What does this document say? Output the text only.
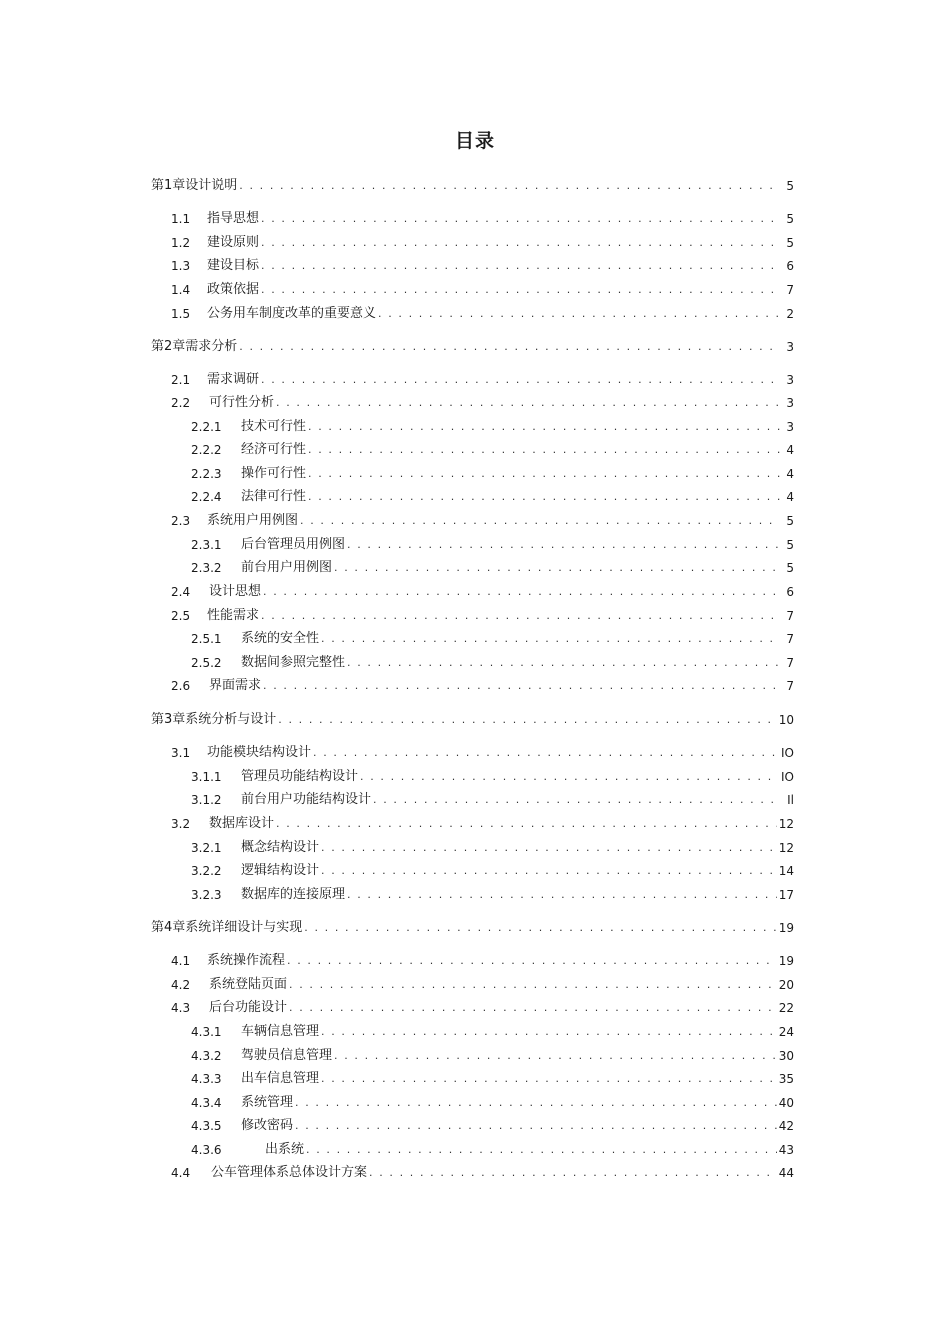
目录
第1章设计说明 . . .	5
1.1	指导思想 . . .	5
1.2	建设原则 . . .	5
1.3	建设目标 . . .	6
1.4	政策依据 . . .	7
1.5	公务用车制度改革的重要意义 . . .	2
第2章需求分析 . . .	3
2.1	需求调研 . . .	3
2.2	可行性分析 . . .	3
2.2.1	技术可行性 . . .	3
2.2.2	经济可行性 . . .	4
2.2.3	操作可行性 . . .	4
2.2.4	法律可行性 . . .	4
2.3	系统用户用例图 . . .	5
2.3.1	后台管理员用例图 . . .	5
2.3.2	前台用户用例图 . . .	5
2.4	设计思想 . . .	6
2.5	性能需求 . . .	7
2.5.1	系统的安全性 . . .	7
2.5.2	数据间参照完整性 . . .	7
2.6	界面需求 . . .	7
第3章系统分析与设计 . . .	10
3.1	功能模块结构设计 . . .	IO
3.1.1	管理员功能结构设计 . . .	IO
3.1.2	前台用户功能结构设计 . . .	Il
3.2	数据库设计 . . .	12
3.2.1	概念结构设计 . . .	12
3.2.2	逻辑结构设计 . . .	14
3.2.3	数据库的连接原理 . . .	17
第4章系统详细设计与实现 . . .	19
4.1	系统操作流程 . . .	19
4.2	系统登陆页面 . . .	20
4.3	后台功能设计 . . .	22
4.3.1	车辆信息管理 . . .	24
4.3.2	驾驶员信息管理 . . .	30
4.3.3	出车信息管理 . . .	35
4.3.4	系统管理 . . .	40
4.3.5	修改密码 . . .	42
4.3.6	出系统 . . .	43
4.4	公车管理体系总体设计方案 . . .	44
